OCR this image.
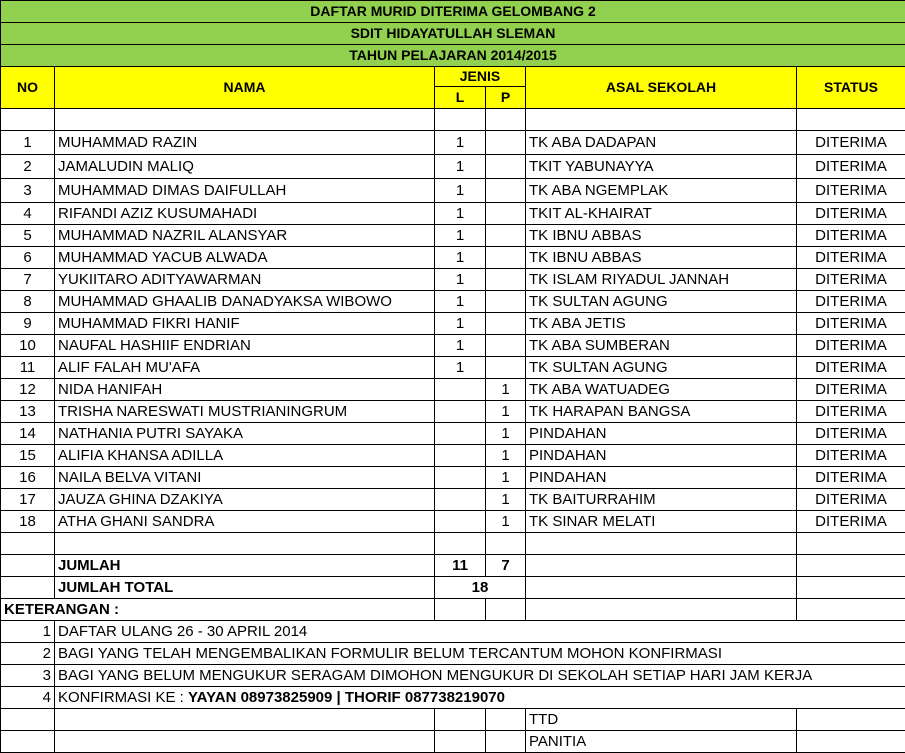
DAFTAR MURID DITERIMA GELOMBANG 2					
SDIT HIDAYATULLAH SLEMAN					
TAHUN PELAJARAN 2014/2015					
NO	NAMA	JENIS		ASAL SEKOLAH	STATUS
		L	P		

1	MUHAMMAD RAZIN	1		TK ABA DADAPAN	DITERIMA
2	JAMALUDIN MALIQ	1		TKIT YABUNAYYA	DITERIMA
3	MUHAMMAD DIMAS DAIFULLAH	1		TK ABA NGEMPLAK	DITERIMA
4	RIFANDI AZIZ KUSUMAHADI	1		TKIT AL-KHAIRAT	DITERIMA
5	MUHAMMAD NAZRIL ALANSYAR	1		TK IBNU ABBAS	DITERIMA
6	MUHAMMAD YACUB ALWADA	1		TK IBNU ABBAS	DITERIMA
7	YUKIITARO ADITYAWARMAN	1		TK ISLAM RIYADUL JANNAH	DITERIMA
8	MUHAMMAD GHAALIB DANADYAKSA WIBOWO	1		TK SULTAN AGUNG	DITERIMA
9	MUHAMMAD FIKRI HANIF	1		TK ABA JETIS	DITERIMA
10	NAUFAL HASHIIF ENDRIAN	1		TK ABA SUMBERAN	DITERIMA
11	ALIF FALAH MU'AFA	1		TK SULTAN AGUNG	DITERIMA
12	NIDA HANIFAH		1	TK ABA WATUADEG	DITERIMA
13	TRISHA NARESWATI MUSTRIANINGRUM		1	TK HARAPAN BANGSA	DITERIMA
14	NATHANIA PUTRI SAYAKA		1	PINDAHAN	DITERIMA
15	ALIFIA KHANSA ADILLA		1	PINDAHAN	DITERIMA
16	NAILA BELVA VITANI		1	PINDAHAN	DITERIMA
17	JAUZA GHINA DZAKIYA		1	TK BAITURRAHIM	DITERIMA
18	ATHA GHANI SANDRA		1	TK SINAR MELATI	DITERIMA

	JUMLAH	11	7		
	JUMLAH TOTAL	18			
KETERANGAN :					
1	DAFTAR ULANG 26 - 30 APRIL 2014				
2	BAGI YANG TELAH MENGEMBALIKAN FORMULIR BELUM TERCANTUM MOHON KONFIRMASI				
3	BAGI YANG BELUM MENGUKUR SERAGAM DIMOHON MENGUKUR DI SEKOLAH SETIAP HARI JAM KERJA				
4	KONFIRMASI KE : YAYAN 08973825909 | THORIF 087738219070				
				TTD	
				PANITIA	
